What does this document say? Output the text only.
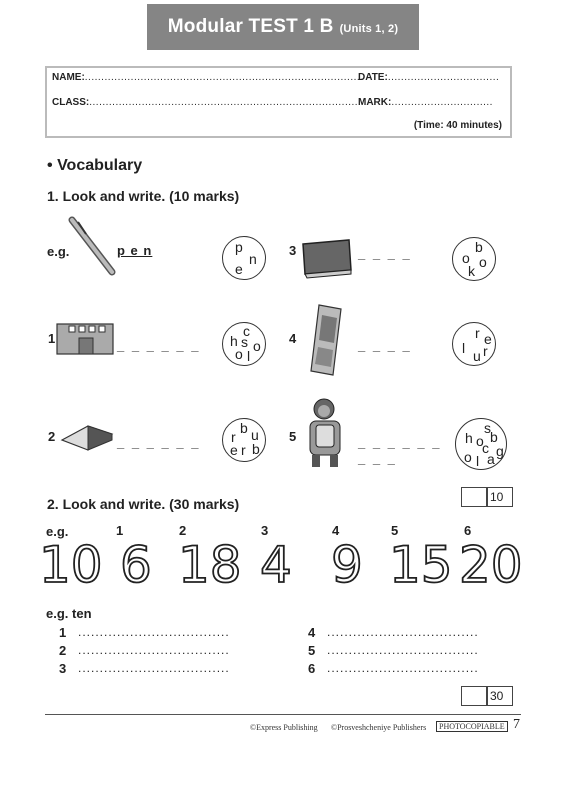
Modular TEST 1 B (Units 1, 2)
NAME:.....................................................................................
DATE:..................................
CLASS:...................................................................................
MARK:...............................
(Time: 40 minutes)
• Vocabulary
1. Look and write. (10 marks)
e.g.	p e n	p
n
e
3	_ _ _ _	b
o o
k
1	_ _ _ _ _ _
c
h s o
o l
4	_ _ _ _
r e
l u r
2	_ _ _ _ _ _
b u
r
e r b
5	_ _ _ _ _ _
_ _ _
s
h o b
c
o l a g
2. Look and write. (30 marks)	10
e.g.	1	2	3	4	5	6
10 6 18 4 9 15 20
e.g. ten
1 ...................................
2 ...................................
3 ...................................
4 ...................................
5 ...................................
6 ...................................
30
©Express Publishing ©Prosveshcheniye Publishers	PHOTOCOPIABLE 7
